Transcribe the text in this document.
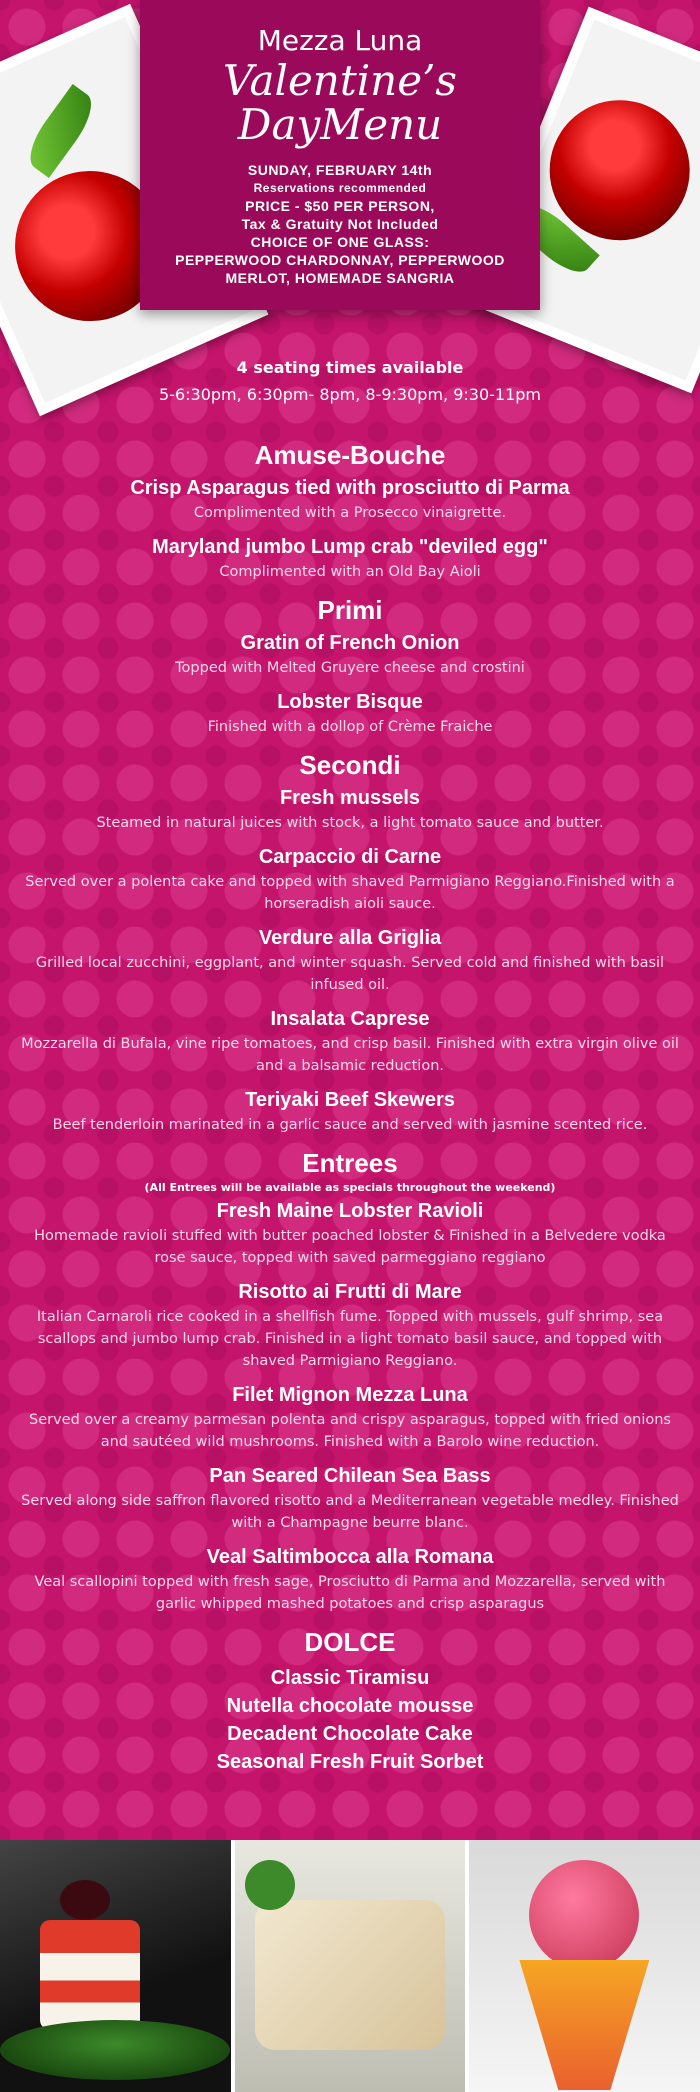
Mezza Luna
Valentine’s
DayMenu
SUNDAY, FEBRUARY 14th
Reservations recommended
PRICE - $50 PER PERSON,
Tax & Gratuity Not Included
CHOICE OF ONE GLASS:
PEPPERWOOD CHARDONNAY, PEPPERWOOD
MERLOT, HOMEMADE SANGRIA
4 seating times available
5-6:30pm, 6:30pm- 8pm, 8-9:30pm, 9:30-11pm
Amuse-Bouche
Crisp Asparagus tied with prosciutto di Parma
Complimented with a Prosecco vinaigrette.
Maryland jumbo Lump crab "deviled egg"
Complimented with an Old Bay Aioli
Primi
Gratin of French Onion
Topped with Melted Gruyere cheese and crostini
Lobster Bisque
Finished with a dollop of Crème Fraiche
Secondi
Fresh mussels
Steamed in natural juices with stock, a light tomato sauce and butter.
Carpaccio di Carne
Served over a polenta cake and topped with shaved Parmigiano Reggiano.Finished with a horseradish aioli sauce.
Verdure alla Griglia
Grilled local zucchini, eggplant, and winter squash. Served cold and finished with basil infused oil.
Insalata Caprese
Mozzarella di Bufala, vine ripe tomatoes, and crisp basil. Finished with extra virgin olive oil and a balsamic reduction.
Teriyaki Beef Skewers
Beef tenderloin marinated in a garlic sauce and served with jasmine scented rice.
Entrees
(All Entrees will be available as specials throughout the weekend)
Fresh Maine Lobster Ravioli
Homemade ravioli stuffed with butter poached lobster & Finished in a Belvedere vodka rose sauce, topped with saved parmeggiano reggiano
Risotto ai Frutti di Mare
Italian Carnaroli rice cooked in a shellfish fume. Topped with mussels, gulf shrimp, sea scallops and jumbo lump crab. Finished in a light tomato basil sauce, and topped with shaved Parmigiano Reggiano.
Filet Mignon Mezza Luna
Served over a creamy parmesan polenta and crispy asparagus, topped with fried onions and sautéed wild mushrooms. Finished with a Barolo wine reduction.
Pan Seared Chilean Sea Bass
Served along side saffron flavored risotto and a Mediterranean vegetable medley. Finished with a Champagne beurre blanc.
Veal Saltimbocca alla Romana
Veal scallopini topped with fresh sage, Prosciutto di Parma and Mozzarella, served with garlic whipped mashed potatoes and crisp asparagus
DOLCE
Classic Tiramisu
Nutella chocolate mousse
Decadent Chocolate Cake
Seasonal Fresh Fruit Sorbet
